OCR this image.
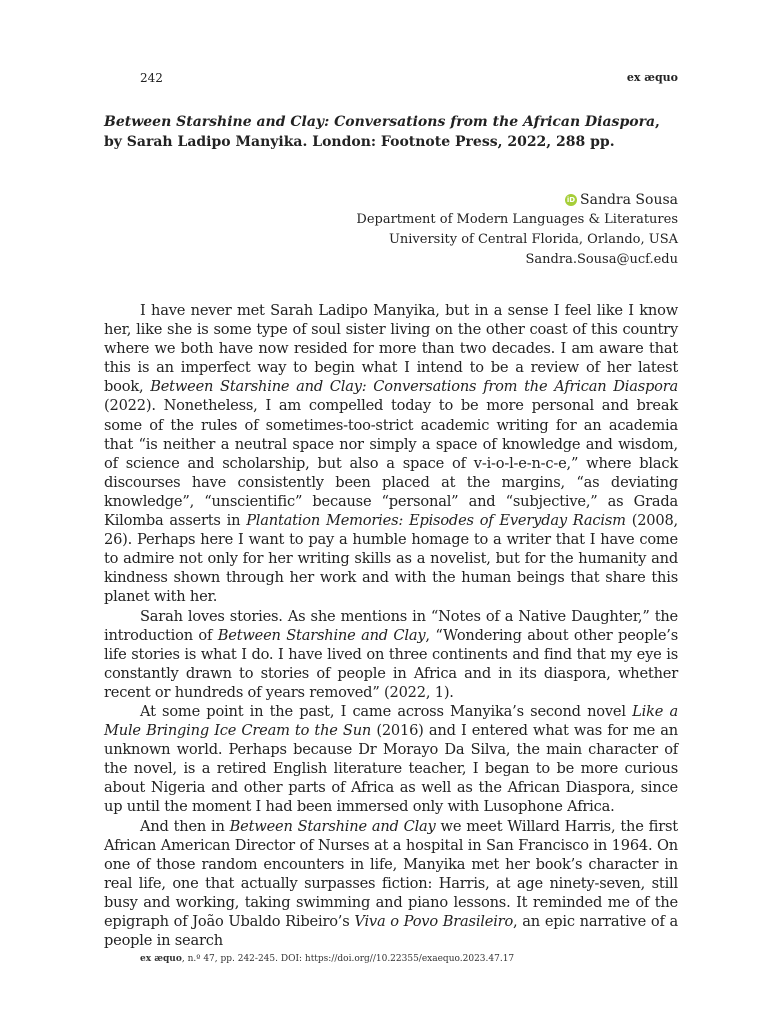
242	ex æquo
Between Starshine and Clay: Conversations from the African Diaspora, by Sarah Ladipo Manyika. London: Footnote Press, 2022, 288 pp.
iD Sandra Sousa
Department of Modern Languages & Literatures
University of Central Florida, Orlando, USA
Sandra.Sousa@ucf.edu

I have never met Sarah Ladipo Manyika, but in a sense I feel like I know her, like she is some type of soul sister living on the other coast of this country where we both have now resided for more than two decades. I am aware that this is an imperfect way to begin what I intend to be a review of her latest book, Between Starshine and Clay: Conversations from the African Diaspora (2022). Nonetheless, I am compelled today to be more personal and break some of the rules of sometimes-too-strict academic writing for an academia that “is neither a neutral space nor simply a space of knowledge and wisdom, of science and scholarship, but also a space of v-i-o-l-e-n-c-e,” where black discourses have consistently been placed at the margins, “as deviating knowledge”, “unscientific” because “personal” and “subjective,” as Grada Kilomba asserts in Plantation Memories: Episodes of Everyday Racism (2008, 26). Perhaps here I want to pay a humble homage to a writer that I have come to admire not only for her writing skills as a novelist, but for the humanity and kindness shown through her work and with the human beings that share this planet with her.

Sarah loves stories. As she mentions in “Notes of a Native Daughter,” the introduction of Between Starshine and Clay, “Wondering about other people’s life stories is what I do. I have lived on three continents and find that my eye is constantly drawn to stories of people in Africa and in its diaspora, whether recent or hundreds of years removed” (2022, 1).

At some point in the past, I came across Manyika’s second novel Like a Mule Bringing Ice Cream to the Sun (2016) and I entered what was for me an unknown world. Perhaps because Dr Morayo Da Silva, the main character of the novel, is a retired English literature teacher, I began to be more curious about Nigeria and other parts of Africa as well as the African Diaspora, since up until the moment I had been immersed only with Lusophone Africa.

And then in Between Starshine and Clay we meet Willard Harris, the first African American Director of Nurses at a hospital in San Francisco in 1964. On one of those random encounters in life, Manyika met her book’s character in real life, one that actually surpasses fiction: Harris, at age ninety-seven, still busy and working, taking swimming and piano lessons. It reminded me of the epigraph of João Ubaldo Ribeiro’s Viva o Povo Brasileiro, an epic narrative of a people in search

ex æquo, n.º 47, pp. 242-245. DOI: https://doi.org//10.22355/exaequo.2023.47.17
